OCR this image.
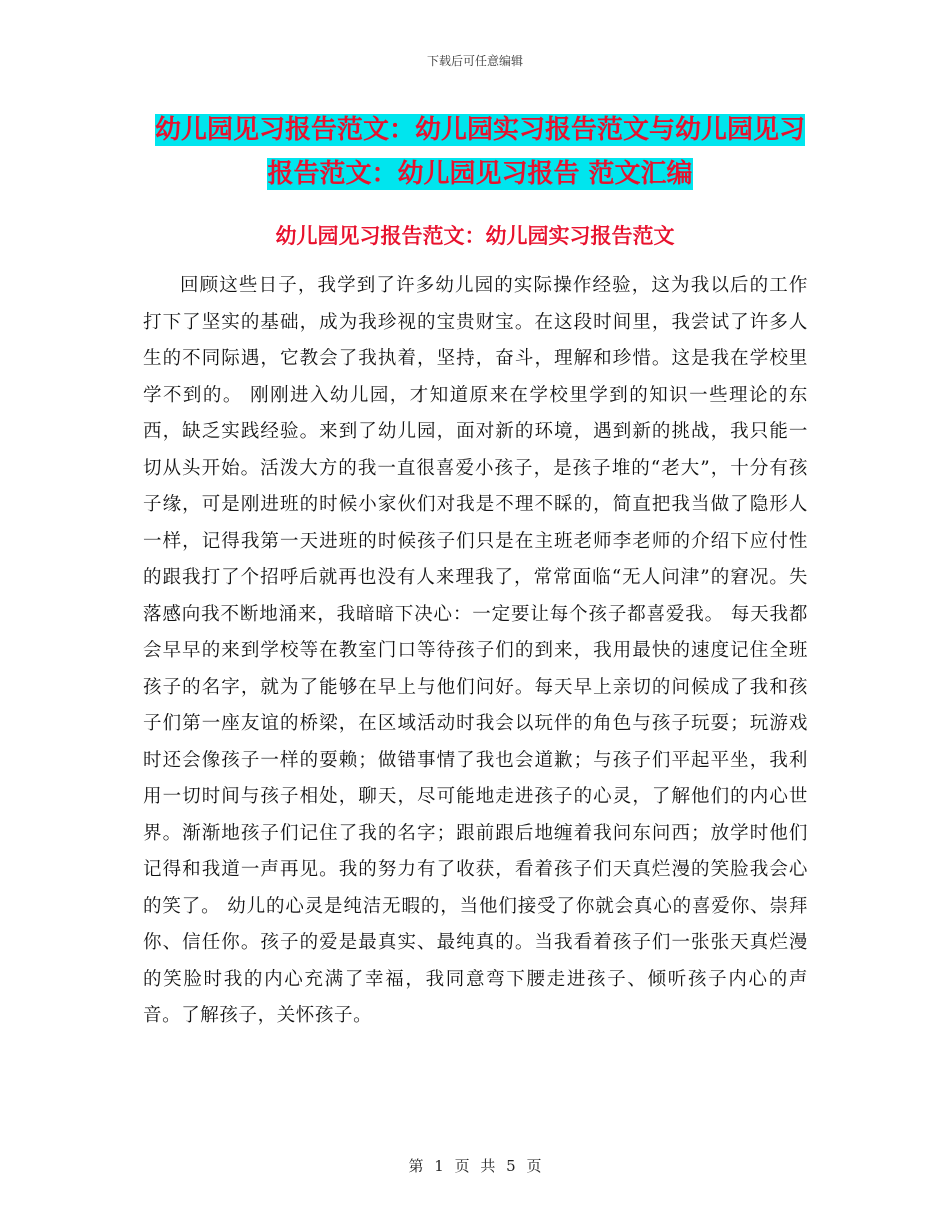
下载后可任意编辑
幼儿园见习报告范文：幼儿园实习报告范文与幼儿园见习报告范文：幼儿园见习报告 范文汇编
幼儿园见习报告范文：幼儿园实习报告范文

回顾这些日子，我学到了许多幼儿园的实际操作经验，这为我以后的工作打下了坚实的基础，成为我珍视的宝贵财宝。在这段时间里，我尝试了许多人生的不同际遇，它教会了我执着，坚持，奋斗，理解和珍惜。这是我在学校里学不到的。 刚刚进入幼儿园，才知道原来在学校里学到的知识一些理论的东西，缺乏实践经验。来到了幼儿园，面对新的环境，遇到新的挑战，我只能一切从头开始。活泼大方的我一直很喜爱小孩子，是孩子堆的“老大”，十分有孩子缘，可是刚进班的时候小家伙们对我是不理不睬的，简直把我当做了隐形人一样，记得我第一天进班的时候孩子们只是在主班老师李老师的介绍下应付性的跟我打了个招呼后就再也没有人来理我了，常常面临“无人问津”的窘况。失落感向我不断地涌来，我暗暗下决心：一定要让每个孩子都喜爱我。 每天我都会早早的来到学校等在教室门口等待孩子们的到来，我用最快的速度记住全班孩子的名字，就为了能够在早上与他们问好。每天早上亲切的问候成了我和孩子们第一座友谊的桥梁，在区域活动时我会以玩伴的角色与孩子玩耍；玩游戏时还会像孩子一样的耍赖；做错事情了我也会道歉；与孩子们平起平坐，我利用一切时间与孩子相处，聊天，尽可能地走进孩子的心灵，了解他们的内心世界。渐渐地孩子们记住了我的名字；跟前跟后地缠着我问东问西；放学时他们记得和我道一声再见。我的努力有了收获，看着孩子们天真烂漫的笑脸我会心的笑了。 幼儿的心灵是纯洁无暇的，当他们接受了你就会真心的喜爱你、崇拜你、信任你。孩子的爱是最真实、最纯真的。当我看着孩子们一张张天真烂漫的笑脸时我的内心充满了幸福，我同意弯下腰走进孩子、倾听孩子内心的声音。了解孩子，关怀孩子。

第 1 页 共 5 页
